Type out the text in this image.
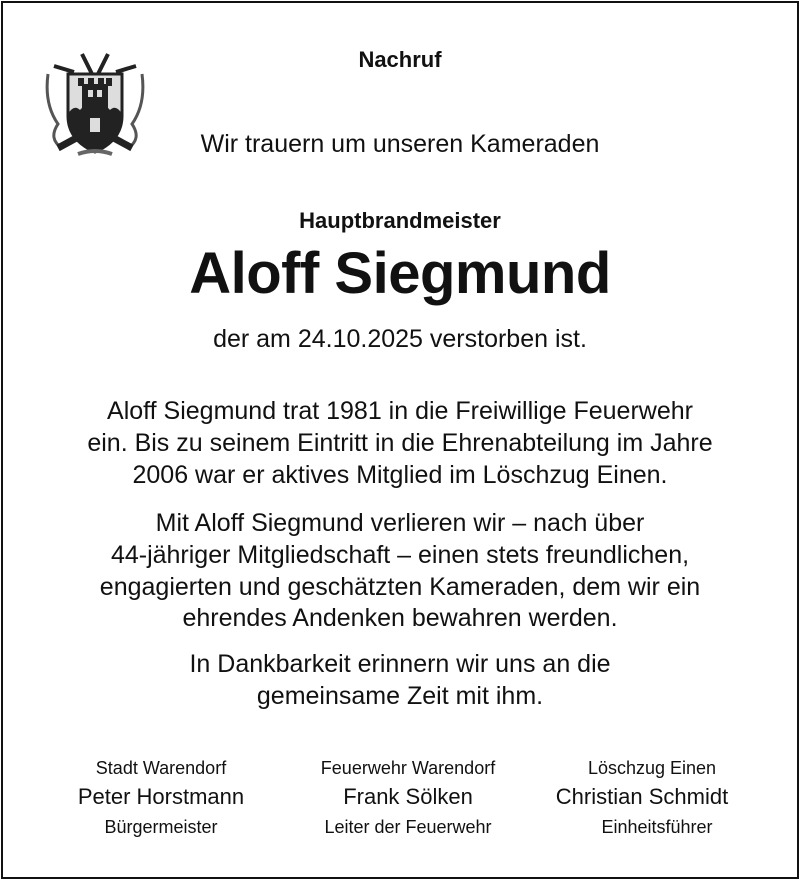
Nachruf
Wir trauern um unseren Kameraden
Hauptbrandmeister
Aloff Siegmund
der am 24.10.2025 verstorben ist.
Aloff Siegmund trat 1981 in die Freiwillige Feuerwehr
ein. Bis zu seinem Eintritt in die Ehrenabteilung im Jahre
2006 war er aktives Mitglied im Löschzug Einen.
Mit Aloff Siegmund verlieren wir – nach über
44-jähriger Mitgliedschaft – einen stets freundlichen,
engagierten und geschätzten Kameraden, dem wir ein
ehrendes Andenken bewahren werden.
In Dankbarkeit erinnern wir uns an die
gemeinsame Zeit mit ihm.
Stadt Warendorf
Peter Horstmann
Bürgermeister
Feuerwehr Warendorf
Frank Sölken
Leiter der Feuerwehr
Löschzug Einen
Christian Schmidt
Einheitsführer
